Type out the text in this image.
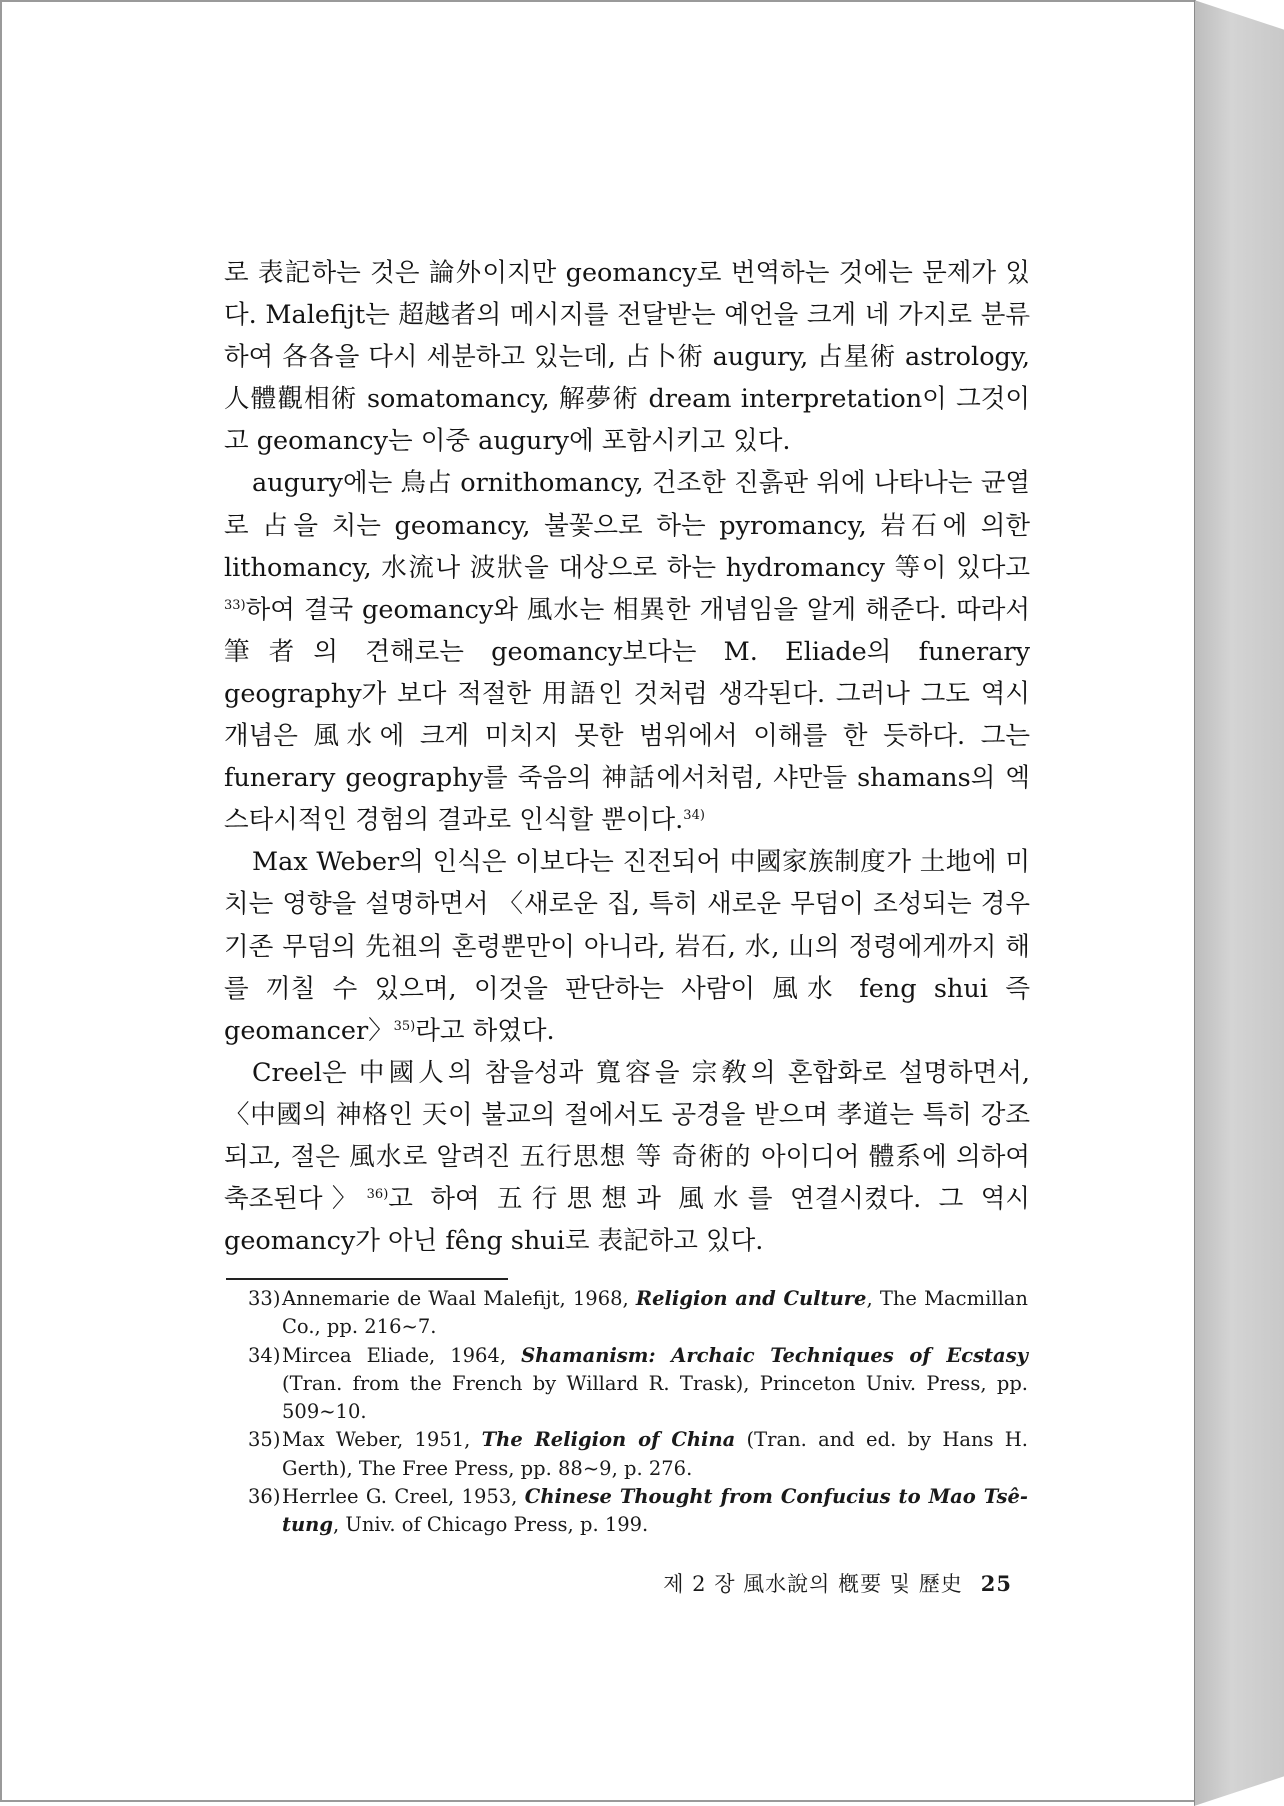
로 表記하는 것은 論外이지만 geomancy로 번역하는 것에는 문제가 있다. Malefijt는 超越者의 메시지를 전달받는 예언을 크게 네 가지로 분류하여 各各을 다시 세분하고 있는데, 占卜術 augury, 占星術 astrology, 人體觀相術 somatomancy, 解夢術 dream interpretation이 그것이고 geomancy는 이중 augury에 포함시키고 있다.

augury에는 鳥占 ornithomancy, 건조한 진흙판 위에 나타나는 균열로 占을 치는 geomancy, 불꽃으로 하는 pyromancy, 岩石에 의한 lithomancy, 水流나 波狀을 대상으로 하는 hydromancy 等이 있다고$^{33)}$하여 결국 geomancy와 風水는 相異한 개념임을 알게 해준다. 따라서 筆者의 견해로는 geomancy보다는 M. Eliade의 funerary geography가 보다 적절한 用語인 것처럼 생각된다. 그러나 그도 역시 개념은 風水에 크게 미치지 못한 범위에서 이해를 한 듯하다. 그는 funerary geography를 죽음의 神話에서처럼, 샤만들 shamans의 엑스타시적인 경험의 결과로 인식할 뿐이다.$^{34)}$

Max Weber의 인식은 이보다는 진전되어 中國家族制度가 土地에 미치는 영향을 설명하면서 〈새로운 집, 특히 새로운 무덤이 조성되는 경우 기존 무덤의 先祖의 혼령뿐만이 아니라, 岩石, 水, 山의 정령에게까지 해를 끼칠 수 있으며, 이것을 판단하는 사람이 風水 feng shui 즉 geomancer〉$^{35)}$라고 하였다.

Creel은 中國人의 참을성과 寬容을 宗敎의 혼합화로 설명하면서, 〈中國의 神格인 天이 불교의 절에서도 공경을 받으며 孝道는 특히 강조되고, 절은 風水로 알려진 五行思想 等 奇術的 아이디어 體系에 의하여 축조된다〉$^{36)}$고 하여 五行思想과 風水를 연결시켰다. 그 역시 geomancy가 아닌 fêng shui로 表記하고 있다.

33) Annemarie de Waal Malefijt, 1968, Religion and Culture, The Macmillan Co., pp. 216~7.

34) Mircea Eliade, 1964, Shamanism: Archaic Techniques of Ecstasy (Tran. from the French by Willard R. Trask), Princeton Univ. Press, pp. 509~10.

35) Max Weber, 1951, The Religion of China (Tran. and ed. by Hans H. Gerth), The Free Press, pp. 88~9, p. 276.

36) Herrlee G. Creel, 1953, Chinese Thought from Confucius to Mao Tsê-tung, Univ. of Chicago Press, p. 199.

제 2 장 風水說의 槪要 및 歷史 25
